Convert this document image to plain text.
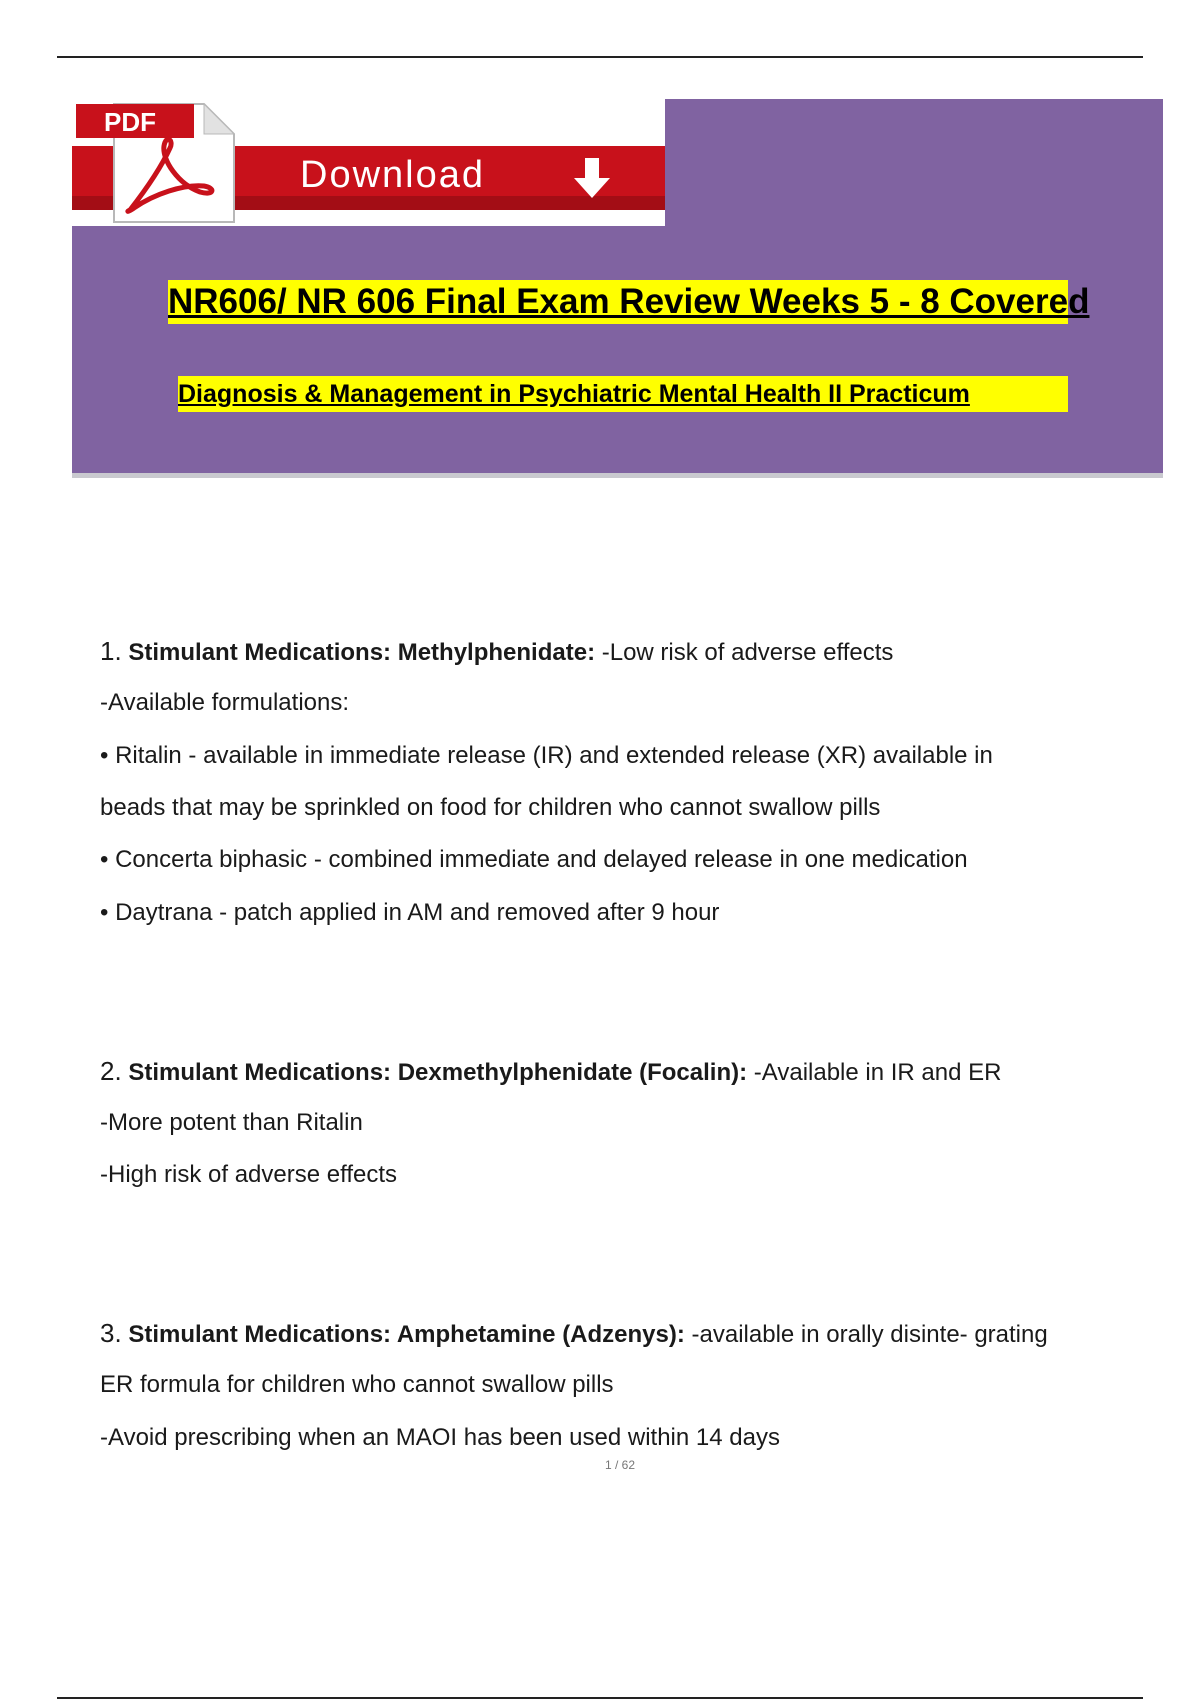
Download
PDF
NR606/ NR 606 Final Exam Review Weeks 5 - 8 Covered
Diagnosis & Management in Psychiatric Mental Health II Practicum
1. Stimulant Medications: Methylphenidate: -Low risk of adverse effects
-Available formulations:
• Ritalin - available in immediate release (IR) and extended release (XR) available in
beads that may be sprinkled on food for children who cannot swallow pills
• Concerta biphasic - combined immediate and delayed release in one medication
• Daytrana - patch applied in AM and removed after 9 hour
2. Stimulant Medications: Dexmethylphenidate (Focalin): -Available in IR and ER
-More potent than Ritalin
-High risk of adverse effects
3. Stimulant Medications: Amphetamine (Adzenys): -available in orally disinte- grating
ER formula for children who cannot swallow pills
-Avoid prescribing when an MAOI has been used within 14 days
1 / 62
